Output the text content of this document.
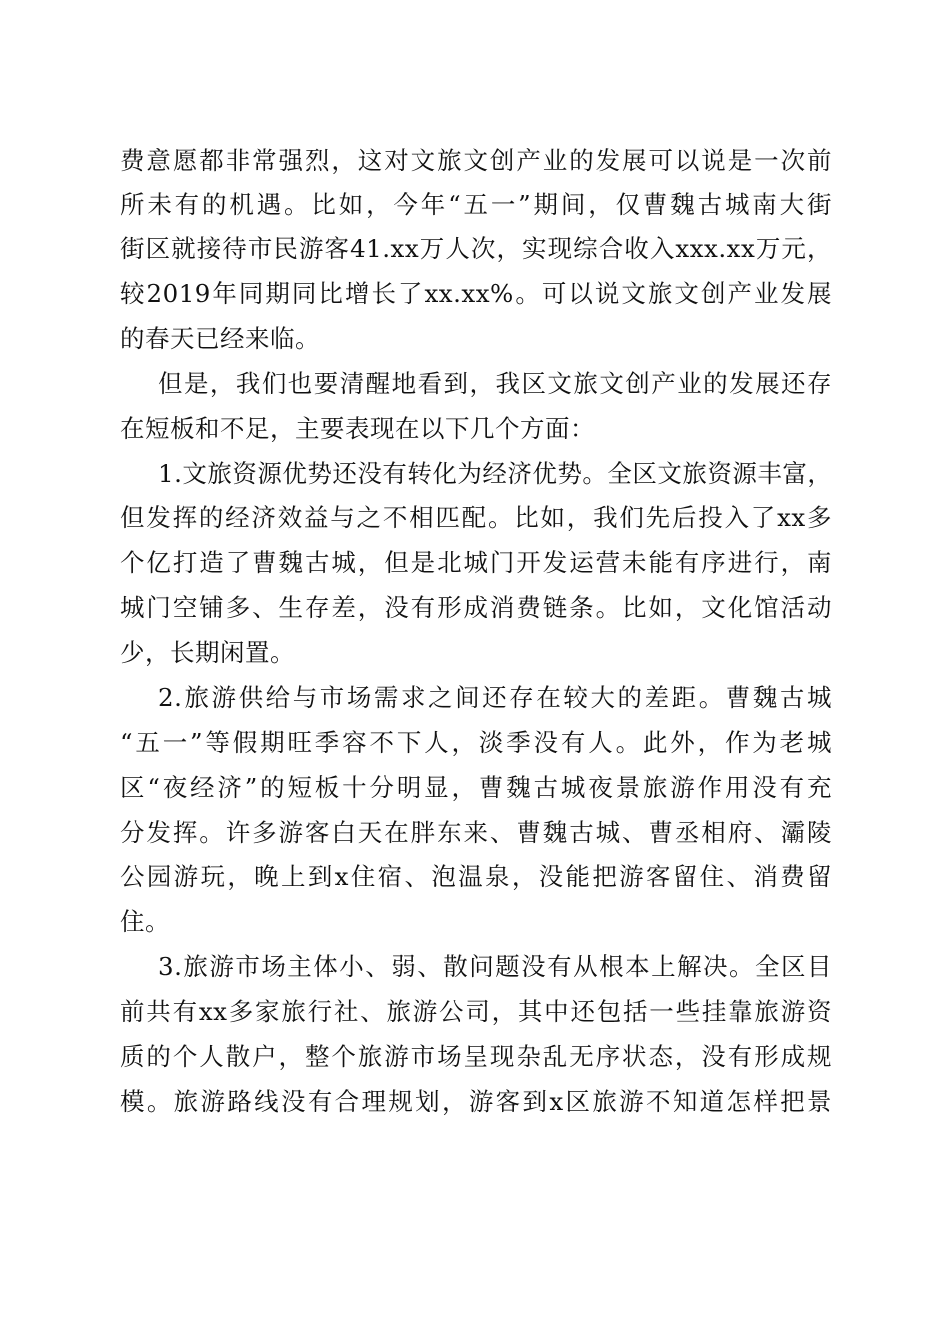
费意愿都非常强烈，这对文旅文创产业的发展可以说是一次前

所未有的机遇。比如，今年“五一”期间，仅曹魏古城南大街

街区就接待市民游客41.xx万人次，实现综合收入xxx.xx万元，

较2019年同期同比增长了xx.xx%。可以说文旅文创产业发展

的春天已经来临。

但是，我们也要清醒地看到，我区文旅文创产业的发展还存

在短板和不足，主要表现在以下几个方面：

1.文旅资源优势还没有转化为经济优势。全区文旅资源丰富，

但发挥的经济效益与之不相匹配。比如，我们先后投入了xx多

个亿打造了曹魏古城，但是北城门开发运营未能有序进行，南

城门空铺多、生存差，没有形成消费链条。比如，文化馆活动

少，长期闲置。

2.旅游供给与市场需求之间还存在较大的差距。曹魏古城

“五一”等假期旺季容不下人，淡季没有人。此外，作为老城

区“夜经济”的短板十分明显，曹魏古城夜景旅游作用没有充

分发挥。许多游客白天在胖东来、曹魏古城、曹丞相府、灞陵

公园游玩，晚上到x住宿、泡温泉，没能把游客留住、消费留

住。

3.旅游市场主体小、弱、散问题没有从根本上解决。全区目

前共有xx多家旅行社、旅游公司，其中还包括一些挂靠旅游资

质的个人散户，整个旅游市场呈现杂乱无序状态，没有形成规

模。旅游路线没有合理规划，游客到x区旅游不知道怎样把景
